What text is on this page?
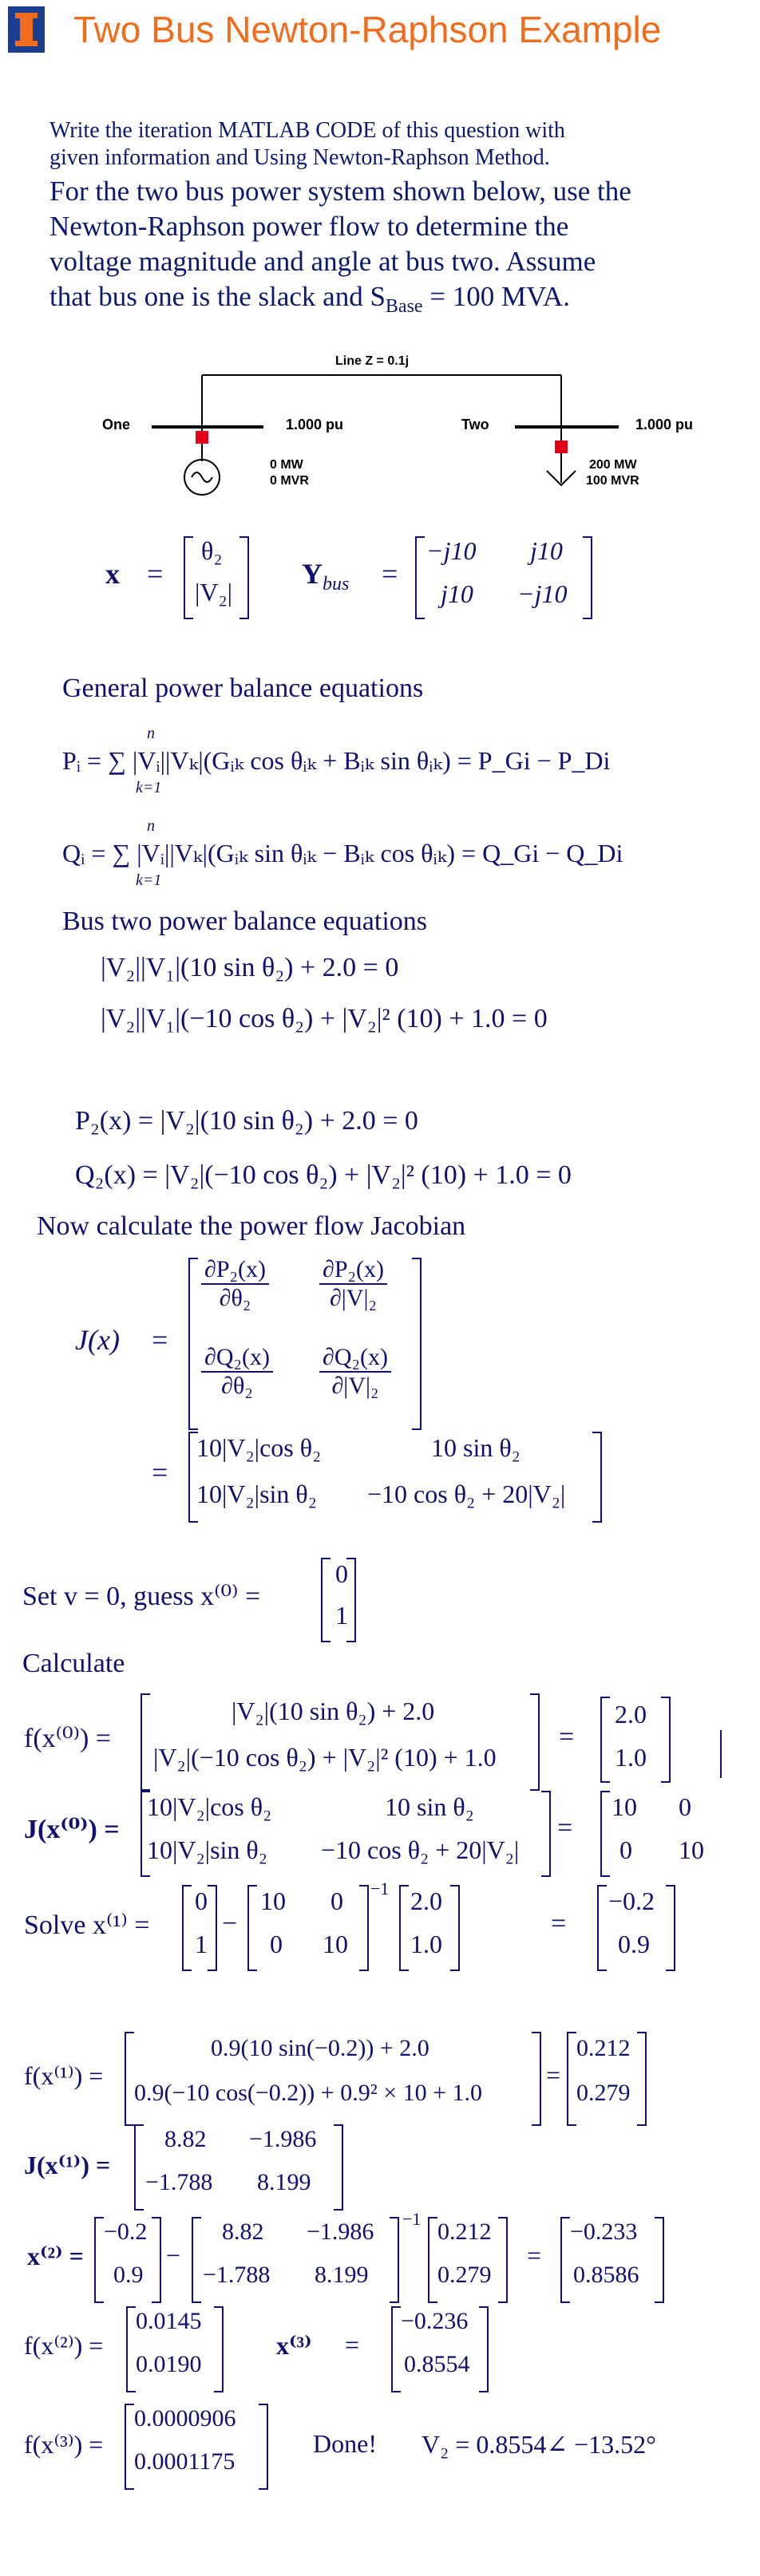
Two Bus Newton-Raphson Example
Write the iteration MATLAB CODE of this question with
given information and Using Newton-Raphson Method.
For the two bus power system shown below, use the
Newton-Raphson power flow to determine the
voltage magnitude and angle at bus two. Assume
that bus one is the slack and $S_{Base} = 100$ MVA.
Line Z = 0.1j
One	1.000 pu	Two	1.000 pu
0 MW
0 MVR
200 MW
100 MVR
x =
θ₂
|V₂|
$Y_{bus}$ =
−j10 j10
j10 −j10
General power balance equations
n
Pᵢ = ∑ |Vᵢ||Vₖ|(Gᵢₖ cos θᵢₖ + Bᵢₖ sin θᵢₖ) = P_Gi − P_Di
k=1
n
Qᵢ = ∑ |Vᵢ||Vₖ|(Gᵢₖ sin θᵢₖ − Bᵢₖ cos θᵢₖ) = Q_Gi − Q_Di
k=1
Bus two power balance equations
|V₂||V₁|(10 sin θ₂) + 2.0 = 0
|V₂||V₁|(−10 cos θ₂) + |V₂|² (10) + 1.0 = 0
P₂(x) = |V₂|(10 sin θ₂) + 2.0 = 0
Q₂(x) = |V₂|(−10 cos θ₂) + |V₂|² (10) + 1.0 = 0
Now calculate the power flow Jacobian
J(x) =
$\frac{\text{∂P₂(x)}}{\text{∂θ₂}} \frac{\text{∂P₂(x)}}{\text{∂|V|₂}}$
$\frac{\text{∂Q₂(x)}}{\text{∂θ₂}} \frac{\text{∂Q₂(x)}}{\text{∂|V|₂}}$
=
10|V₂|cos θ₂	10 sin θ₂
10|V₂|sin θ₂ −10 cos θ₂ + 20|V₂|
Set v = 0, guess x⁽⁰⁾ =
0
1
Calculate
f(x⁽⁰⁾) =
|V₂|(10 sin θ₂) + 2.0
|V₂|(−10 cos θ₂) + |V₂|² (10) + 1.0
=
2.0
1.0
J(x⁽⁰⁾) =
10|V₂|cos θ₂	10 sin θ₂
10|V₂|sin θ₂ −10 cos θ₂ + 20|V₂|
=
10 0
0 10
Solve x⁽¹⁾ =
0
1
−
10 0
0 10
−1 2.0
1.0
=
−0.2
0.9
f(x⁽¹⁾) =
0.9(10 sin(−0.2)) + 2.0
0.9(−10 cos(−0.2)) + 0.9² × 10 + 1.0
=
0.212
0.279
J(x⁽¹⁾) =
8.82 −1.986
−1.788 8.199
x⁽²⁾ =
−0.2
0.9
−
8.82 −1.986
−1.788 8.199
−1 0.212
0.279
=
−0.233
0.8586
f(x⁽²⁾) =
0.0145
0.0190
x⁽³⁾ =
−0.236
0.8554
f(x⁽³⁾) =
0.0000906
0.0001175
Done! V₂ = 0.8554∠ −13.52°
